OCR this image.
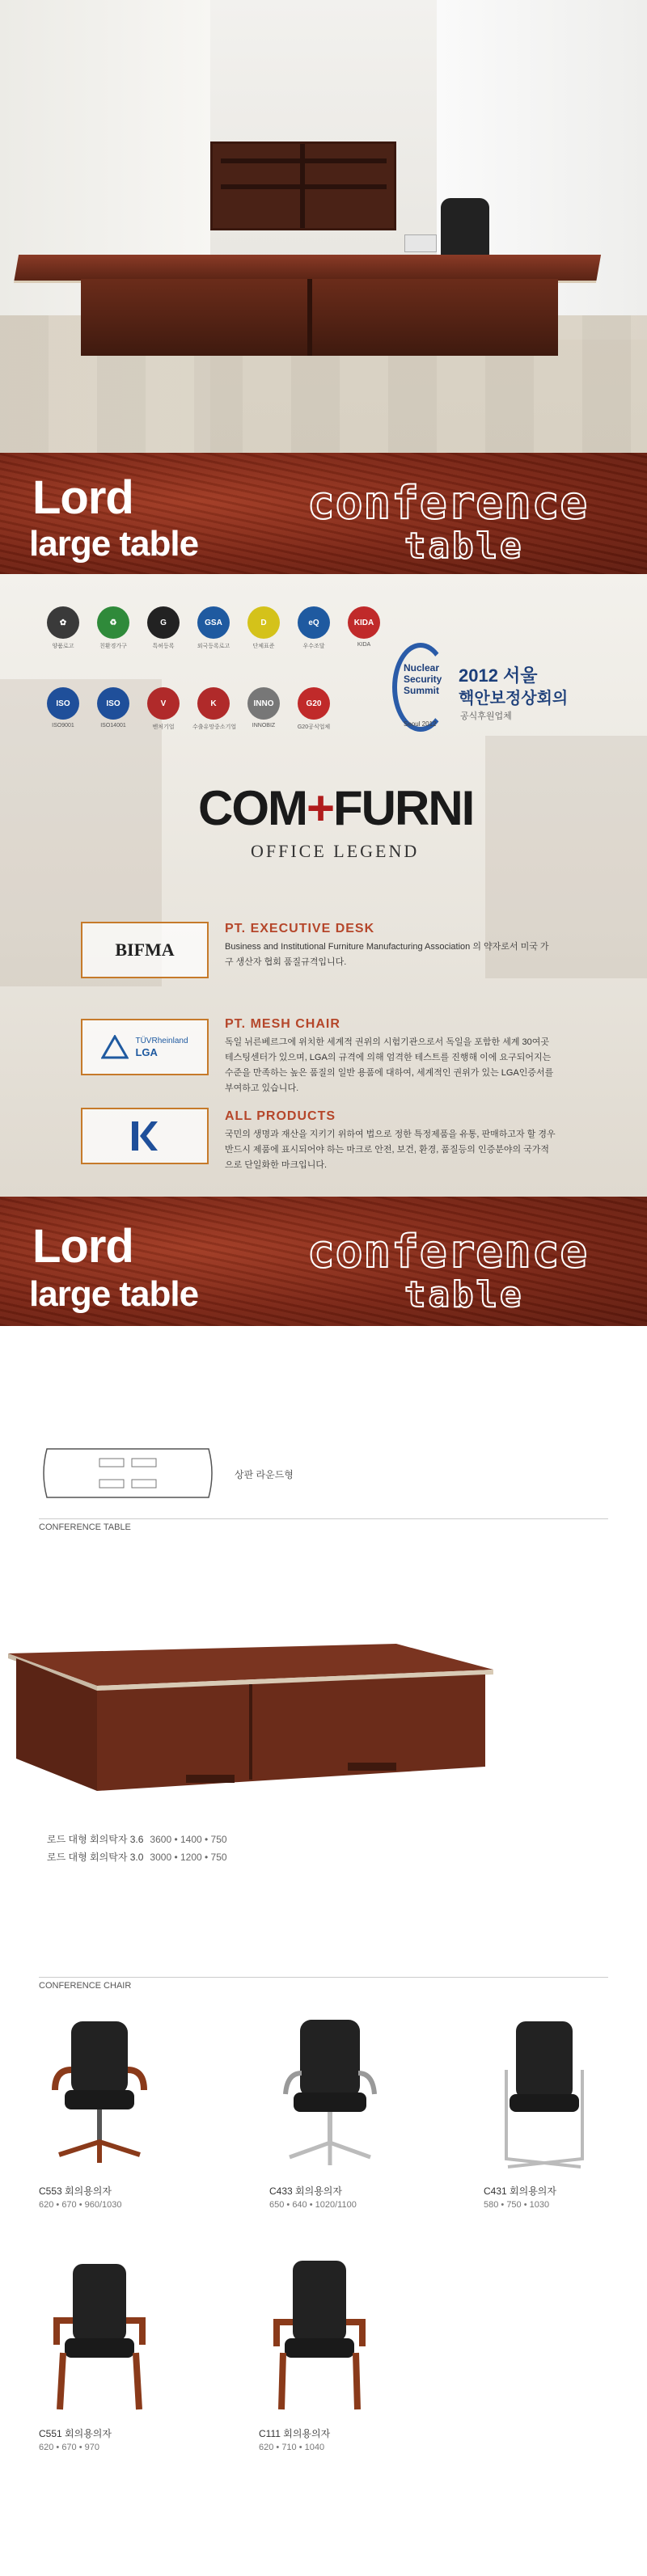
Lord
large table
conference
table
✿
양품로고
♻
친환경가구
G
특허등록
GSA
외국등록로고
D
단체표준
eQ
우수조달
KIDA
KIDA
ISO
ISO9001
ISO
ISO14001
V
벤처기업
K
수출유망중소기업
INNO
INNOBIZ
G20
G20공식업체
Nuclear Security Summit
Seoul 2012
2012 서울
핵안보정상회의
공식후원업체
COM+FURNI
OFFICE LEGEND
BIFMA
PT. EXECUTIVE DESK
Business and Institutional Furniture Manufacturing Association 의 약자로서 미국 가구 생산자 협회 품질규격입니다.
TÜVRheinland
LGA
PT. MESH CHAIR
독일 뉘른베르그에 위치한 세계적 권위의 시험기관으로서 독일을 포함한 세계 30여곳 테스팅센터가 있으며, LGA의 규격에 의해 엄격한 테스트를 진행해 이에 요구되어지는 수준을 만족하는 높은 품질의 일반 용품에 대하여, 세계적인 권위가 있는 LGA인증서를 부여하고 있습니다.
ALL PRODUCTS
국민의 생명과 재산을 지키기 위하여 법으로 정한 특정제품을 유통, 판매하고자 할 경우 반드시 제품에 표시되어야 하는 마크로 안전, 보건, 환경, 품질등의 인증분야의 국가적으로 단일화한 마크입니다.
Lord
large table
conference
table
상판 라운드형
CONFERENCE TABLE
로드 대형 회의탁자 3.6 3600 • 1400 • 750
로드 대형 회의탁자 3.0 3000 • 1200 • 750
CONFERENCE CHAIR
C553 회의용의자
620 • 670 • 960/1030
C433 회의용의자
650 • 640 • 1020/1100
C431 회의용의자
580 • 750 • 1030
C551 회의용의자
620 • 670 • 970
C111 회의용의자
620 • 710 • 1040
